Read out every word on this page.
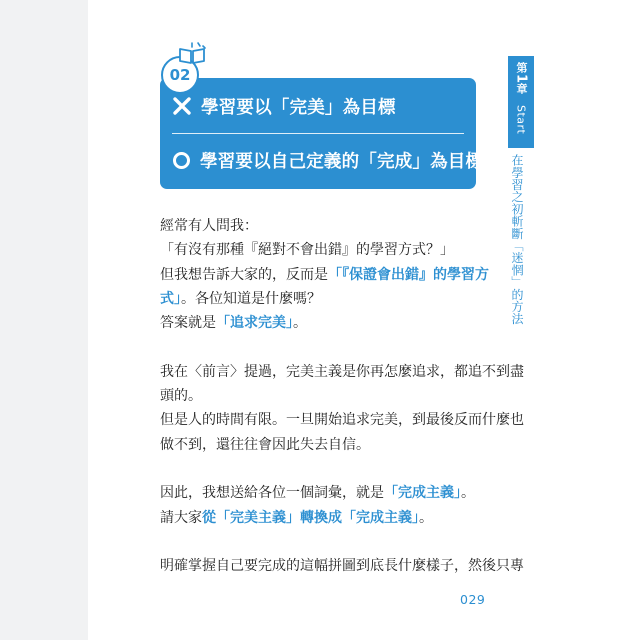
02
學習要以「完美」為目標
學習要以自己定義的「完成」為目標
第
1
章
Start
在學習之初斬斷「迷惘」的方法
經常有人問我：
「有沒有那種『絕對不會出錯』的學習方式？」
但我想告訴大家的，反而是「『保證會出錯』的學習方
式」。各位知道是什麼嗎？
答案就是「追求完美」。
我在〈前言〉提過，完美主義是你再怎麼追求，都追不到盡
頭的。
但是人的時間有限。一旦開始追求完美，到最後反而什麼也
做不到，還往往會因此失去自信。
因此，我想送給各位一個詞彙，就是「完成主義」。
請大家從「完美主義」轉換成「完成主義」。
明確掌握自己要完成的這幅拼圖到底長什麼樣子，然後只專
029
